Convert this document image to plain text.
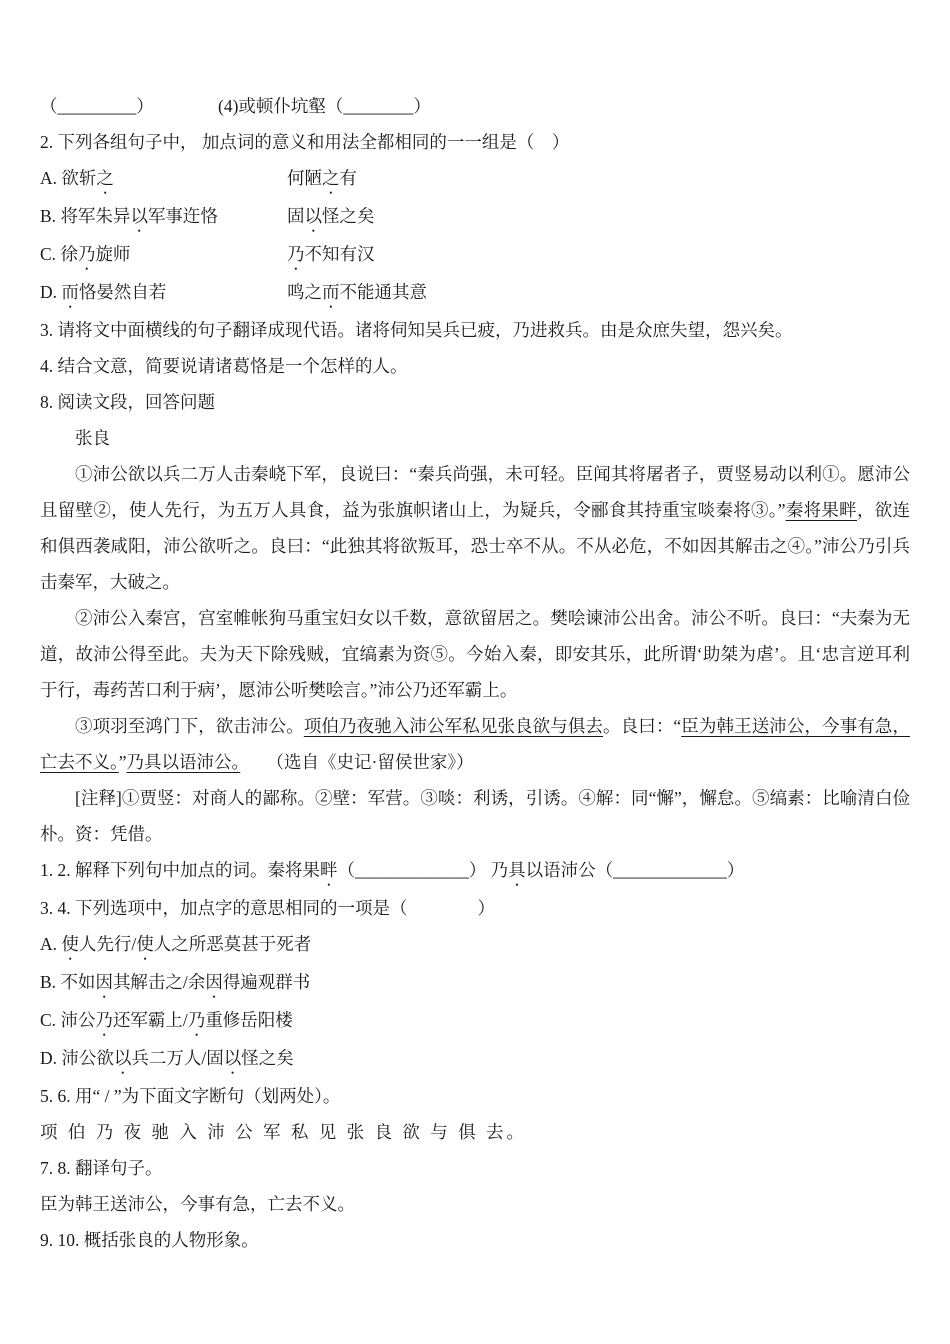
（_________）	(4)或顿仆坑壑（________）

2. 下列各组句子中， 加点词的意义和用法全都相同的一一组是（　）

A. 欲斩之	何陋之有

B. 将军朱异以军事迕恪	固以怪之矣

C. 徐乃旋师	乃不知有汉

D. 而恪晏然自若	鸣之而不能通其意

3. 请将文中面横线的句子翻译成现代语。诸将伺知吴兵已疲，乃进救兵。由是众庶失望，怨兴矣。

4. 结合文意，简要说请诸葛恪是一个怎样的人。

8. 阅读文段，回答问题

张良

①沛公欲以兵二万人击秦峣下军，良说曰：“秦兵尚强，未可轻。臣闻其将屠者子，贾竖易动以利①。愿沛公且留壁②，使人先行，为五万人具食，益为张旗帜诸山上，为疑兵，令郦食其持重宝啖秦将③。”秦将果畔，欲连和俱西袭咸阳，沛公欲听之。良曰：“此独其将欲叛耳，恐士卒不从。不从必危，不如因其解击之④。”沛公乃引兵击秦军，大破之。

②沛公入秦宫，宫室帷帐狗马重宝妇女以千数，意欲留居之。樊哙谏沛公出舍。沛公不听。良曰：“夫秦为无道，故沛公得至此。夫为天下除残贼，宜缟素为资⑤。今始入秦，即安其乐，此所谓‘助桀为虐’。且‘忠言逆耳利于行，毒药苦口利于病’，愿沛公听樊哙言。”沛公乃还军霸上。

③项羽至鸿门下，欲击沛公。项伯乃夜驰入沛公军私见张良欲与俱去。良曰：“臣为韩王送沛公，今事有急，亡去不义。”乃具以语沛公。　　（选自《史记·留侯世家》）

[注释]①贾竖：对商人的鄙称。②壁：军营。③啖：利诱，引诱。④解：同“懈”，懈怠。⑤缟素：比喻清白俭朴。资：凭借。

1. 2. 解释下列句中加点的词。秦将果畔（_____________） 乃具以语沛公（_____________）

3. 4. 下列选项中，加点字的意思相同的一项是（　　　　）

A. 使人先行/使人之所恶莫甚于死者

B. 不如因其解击之/余因得遍观群书

C. 沛公乃还军霸上/乃重修岳阳楼

D. 沛公欲以兵二万人/固以怪之矣

5. 6. 用“ / ”为下面文字断句（划两处）。

项 伯 乃 夜 驰 入 沛 公 军 私 见 张 良 欲 与 俱 去。

7. 8. 翻译句子。

臣为韩王送沛公，今事有急，亡去不义。

9. 10. 概括张良的人物形象。
